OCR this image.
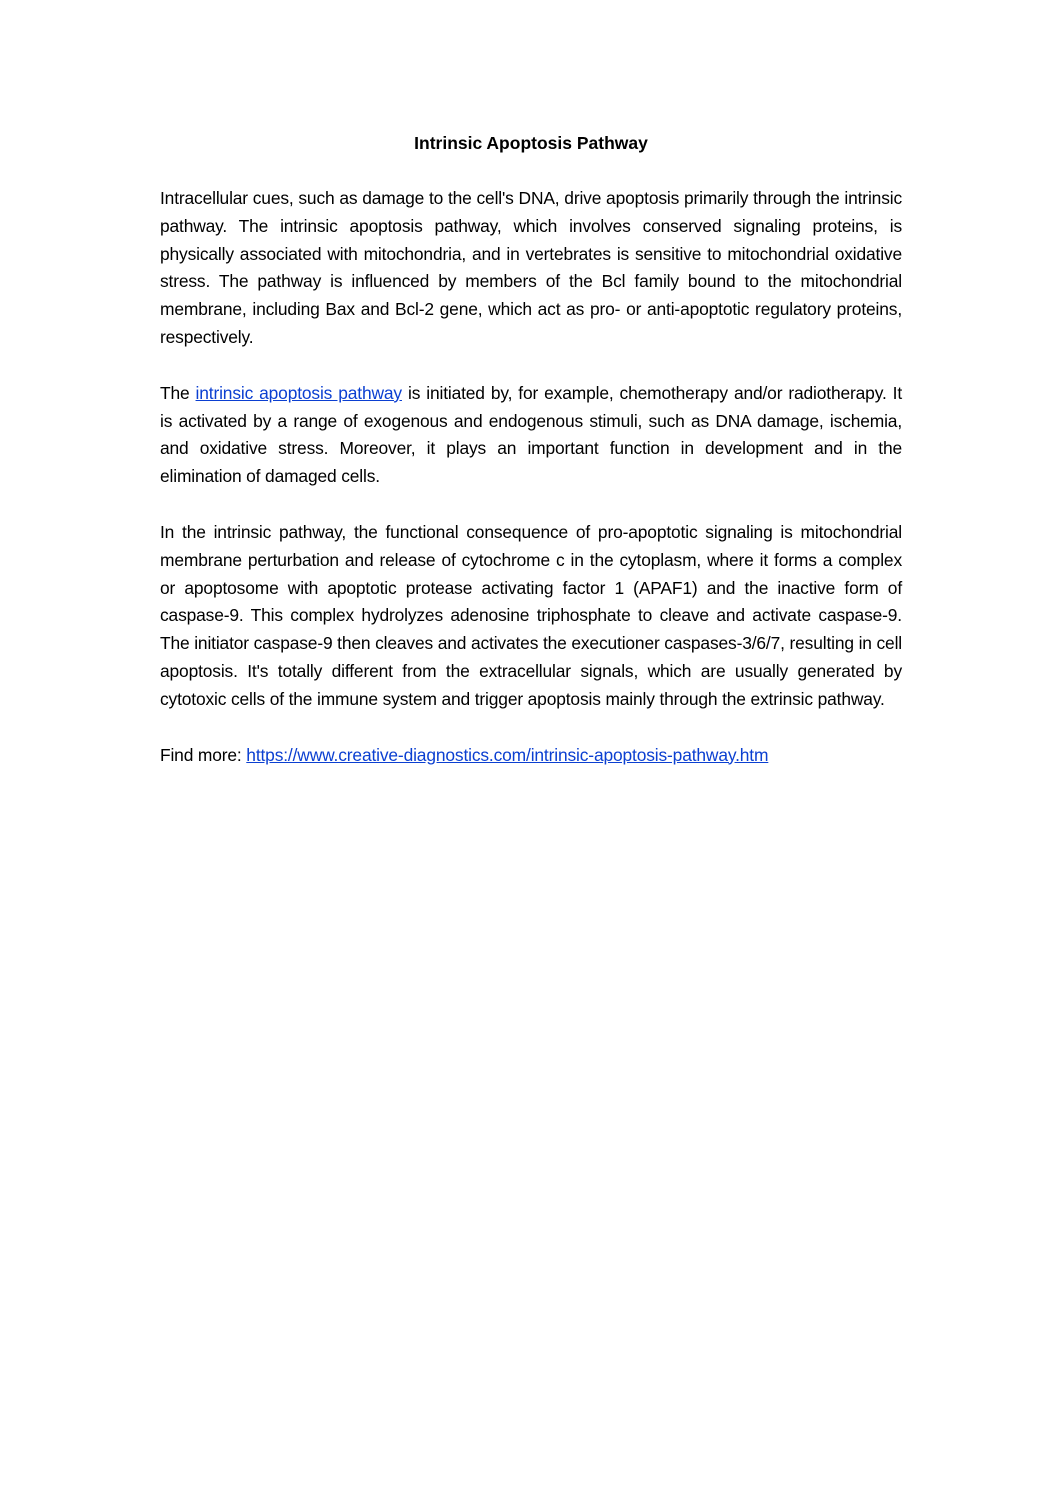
Intrinsic Apoptosis Pathway

Intracellular cues, such as damage to the cell's DNA, drive apoptosis primarily through the intrinsic pathway. The intrinsic apoptosis pathway, which involves conserved signaling proteins, is physically associated with mitochondria, and in vertebrates is sensitive to mitochondrial oxidative stress. The pathway is influenced by members of the Bcl family bound to the mitochondrial membrane, including Bax and Bcl-2 gene, which act as pro- or anti-apoptotic regulatory proteins, respectively.

The intrinsic apoptosis pathway is initiated by, for example, chemotherapy and/or radiotherapy. It is activated by a range of exogenous and endogenous stimuli, such as DNA damage, ischemia, and oxidative stress. Moreover, it plays an important function in development and in the elimination of damaged cells.

In the intrinsic pathway, the functional consequence of pro-apoptotic signaling is mitochondrial membrane perturbation and release of cytochrome c in the cytoplasm, where it forms a complex or apoptosome with apoptotic protease activating factor 1 (APAF1) and the inactive form of caspase-9. This complex hydrolyzes adenosine triphosphate to cleave and activate caspase-9. The initiator caspase-9 then cleaves and activates the executioner caspases-3/6/7, resulting in cell apoptosis. It's totally different from the extracellular signals, which are usually generated by cytotoxic cells of the immune system and trigger apoptosis mainly through the extrinsic pathway.

Find more: https://www.creative-diagnostics.com/intrinsic-apoptosis-pathway.htm
